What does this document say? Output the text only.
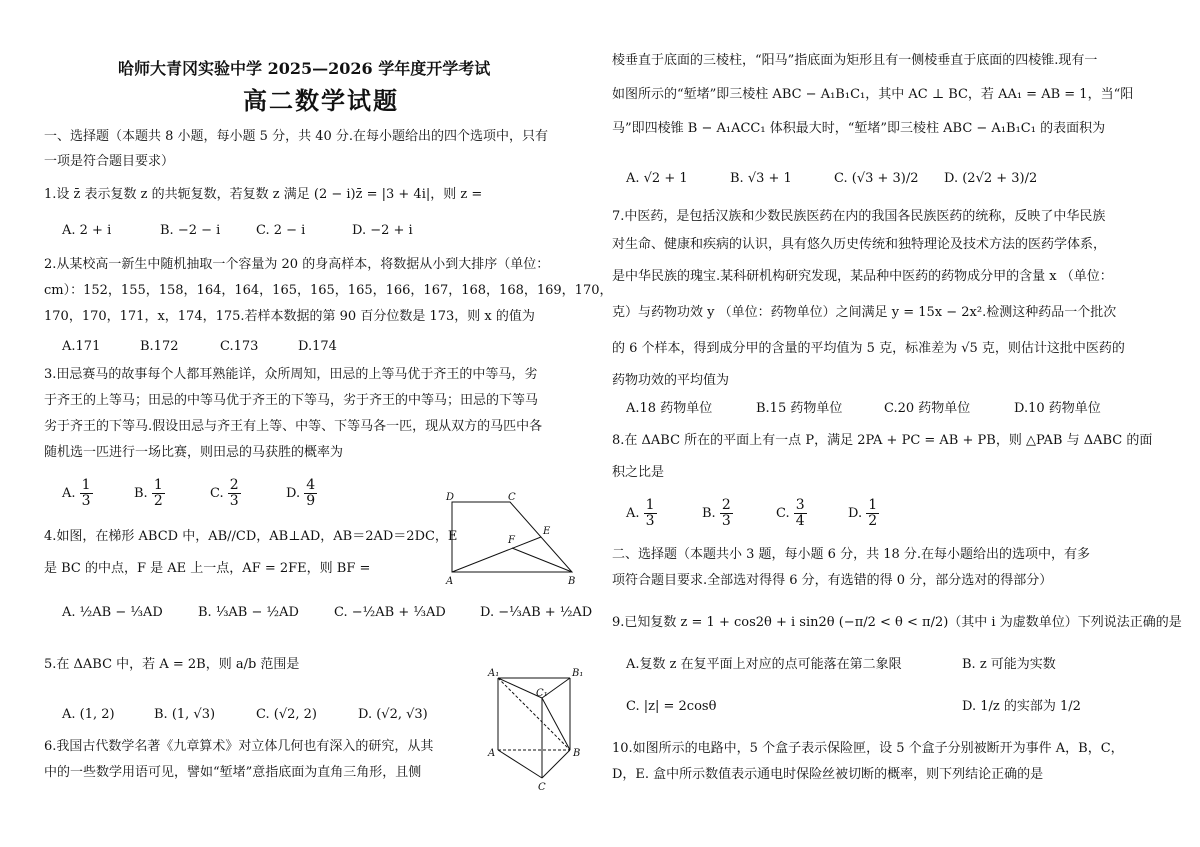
哈师大青冈实验中学 2025—2026 学年度开学考试
高二数学试题
一、选择题（本题共 8 小题，每小题 5 分，共 40 分.在每小题给出的四个选项中，只有
一项是符合题目要求）
1.设 z̄ 表示复数 z 的共轭复数，若复数 z 满足 (2 − i)z̄ = |3 + 4i|，则 z =
A. 2 + i	B. −2 − i	C. 2 − i	D. −2 + i
2.从某校高一新生中随机抽取一个容量为 20 的身高样本，将数据从小到大排序（单位：
cm）：152，155，158，164，164，165，165，165，166，167，168，168，169，170，
170，170，171，x，174，175.若样本数据的第 90 百分位数是 173，则 x 的值为
A.171	B.172	C.173	D.174
3.田忌赛马的故事每个人都耳熟能详，众所周知，田忌的上等马优于齐王的中等马，劣
于齐王的上等马；田忌的中等马优于齐王的下等马，劣于齐王的中等马；田忌的下等马
劣于齐王的下等马.假设田忌与齐王有上等、中等、下等马各一匹，现从双方的马匹中各
随机选一匹进行一场比赛，则田忌的马获胜的概率为
A. $\frac{1}{3}$	B. $\frac{1}{2}$	C. $\frac{2}{3}$	D. $\frac{4}{9}$	D	C
E
F
A	B
4.如图，在梯形 ABCD 中，AB//CD，AB⊥AD，AB＝2AD＝2DC，E
是 BC 的中点，F 是 AE 上一点，AF = 2FE，则 BF =
A. ½AB − ⅓AD	B. ⅓AB − ½AD	C. −½AB + ⅓AD	D. −⅓AB + ½AD
5.在 ΔABC 中，若 A = 2B，则 a/b 范围是
A. (1, 2)	B. (1, √3)	C. (√2, 2)	D. (√2, √3)
A₁	B₁
C₁
A	B
C
6.我国古代数学名著《九章算术》对立体几何也有深入的研究，从其
中的一些数学用语可见，譬如“堑堵”意指底面为直角三角形，且侧
棱垂直于底面的三棱柱，“阳马”指底面为矩形且有一侧棱垂直于底面的四棱锥.现有一
如图所示的“堑堵”即三棱柱 ABC − A₁B₁C₁，其中 AC ⊥ BC，若 AA₁ = AB = 1，当“阳
马”即四棱锥 B − A₁ACC₁ 体积最大时，“堑堵”即三棱柱 ABC − A₁B₁C₁ 的表面积为
A. √2 + 1	B. √3 + 1	C. (√3 + 3)/2 D. (2√2 + 3)/2
7.中医药，是包括汉族和少数民族医药在内的我国各民族医药的统称，反映了中华民族
对生命、健康和疾病的认识，具有悠久历史传统和独特理论及技术方法的医药学体系，
是中华民族的瑰宝.某科研机构研究发现，某品种中医药的药物成分甲的含量 x （单位：
克）与药物功效 y （单位：药物单位）之间满足 y = 15x − 2x².检测这种药品一个批次
的 6 个样本，得到成分甲的含量的平均值为 5 克，标准差为 √5 克，则估计这批中医药的
药物功效的平均值为
A.18 药物单位	B.15 药物单位	C.20 药物单位	D.10 药物单位
8.在 ΔABC 所在的平面上有一点 P，满足 2PA + PC = AB + PB，则 △PAB 与 ΔABC 的面
积之比是
A. $\frac{1}{3}$	B. $\frac{2}{3}$	C. $\frac{3}{4}$	D. $\frac{1}{2}$
二、选择题（本题共小 3 题，每小题 6 分，共 18 分.在每小题给出的选项中，有多
项符合题目要求.全部选对得得 6 分，有选错的得 0 分，部分选对的得部分）
9.已知复数 z = 1 + cos2θ + i sin2θ (−π/2 < θ < π/2)（其中 i 为虚数单位）下列说法正确的是
A.复数 z 在复平面上对应的点可能落在第二象限	B. z 可能为实数
C. |z| = 2cosθ	D. 1/z 的实部为 1/2
10.如图所示的电路中，5 个盒子表示保险匣，设 5 个盒子分别被断开为事件 A，B，C，
D，E. 盒中所示数值表示通电时保险丝被切断的概率，则下列结论正确的是
